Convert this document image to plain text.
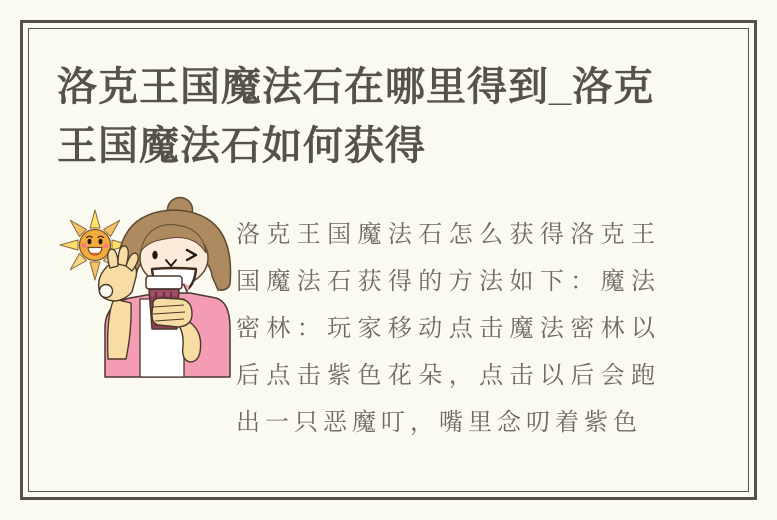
洛克王国魔法石在哪里得到_洛克
王国魔法石如何获得

洛克王国魔法石怎么获得洛克王国魔法石获得的方法如下：魔法密林：玩家移动点击魔法密林以后点击紫色花朵，点击以后会跑出一只恶魔叮，嘴里念叨着紫色
